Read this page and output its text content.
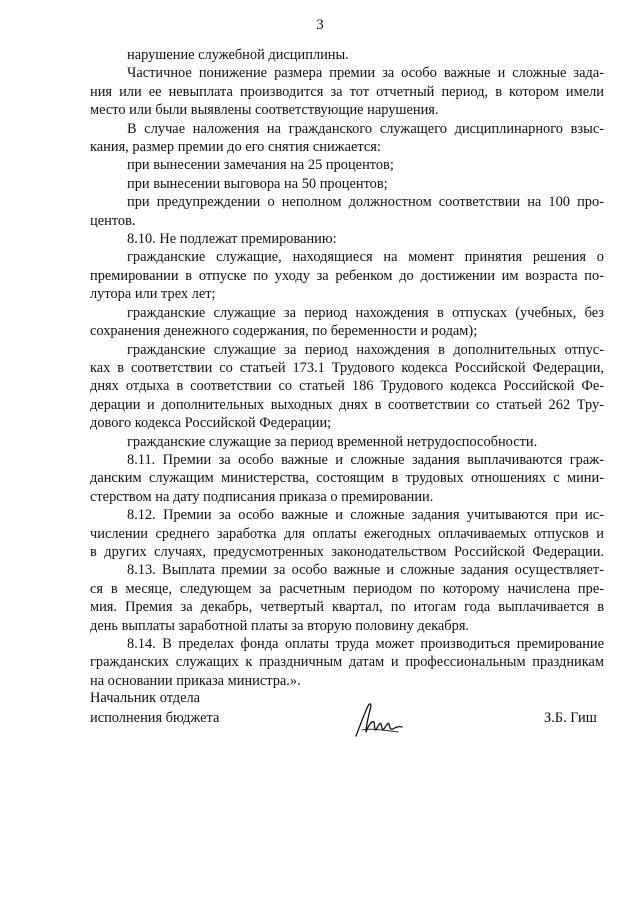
3
нарушение служебной дисциплины.
Частичное понижение размера премии за особо важные и сложные зада-
ния или ее невыплата производится за тот отчетный период, в котором имели
место или были выявлены соответствующие нарушения.
В случае наложения на гражданского служащего дисциплинарного взыс-
кания, размер премии до его снятия снижается:
при вынесении замечания на 25 процентов;
при вынесении выговора на 50 процентов;
при предупреждении о неполном должностном соответствии на 100 про-
центов.
8.10. Не подлежат премированию:
гражданские служащие, находящиеся на момент принятия решения о
премировании в отпуске по уходу за ребенком до достижении им возраста по-
лутора или трех лет;
гражданские служащие за период нахождения в отпусках (учебных, без
сохранения денежного содержания, по беременности и родам);
гражданские служащие за период нахождения в дополнительных отпус-
ках в соответствии со статьей 173.1 Трудового кодекса Российской Федерации,
днях отдыха в соответствии со статьей 186 Трудового кодекса Российской Фе-
дерации и дополнительных выходных днях в соответствии со статьей 262 Тру-
дового кодекса Российской Федерации;
гражданские служащие за период временной нетрудоспособности.
8.11. Премии за особо важные и сложные задания выплачиваются граж-
данским служащим министерства, состоящим в трудовых отношениях с мини-
стерством на дату подписания приказа о премировании.
8.12. Премии за особо важные и сложные задания учитываются при ис-
числении среднего заработка для оплаты ежегодных оплачиваемых отпусков и
в других случаях, предусмотренных законодательством Российской Федерации.
8.13. Выплата премии за особо важные и сложные задания осуществляет-
ся в месяце, следующем за расчетным периодом по которому начислена пре-
мия. Премия за декабрь, четвертый квартал, по итогам года выплачивается в
день выплаты заработной платы за вторую половину декабря.
8.14. В пределах фонда оплаты труда может производиться премирование
гражданских служащих к праздничным датам и профессиональным праздникам
на основании приказа министра.».
Начальник отдела
исполнения бюджета	З.Б. Гиш
